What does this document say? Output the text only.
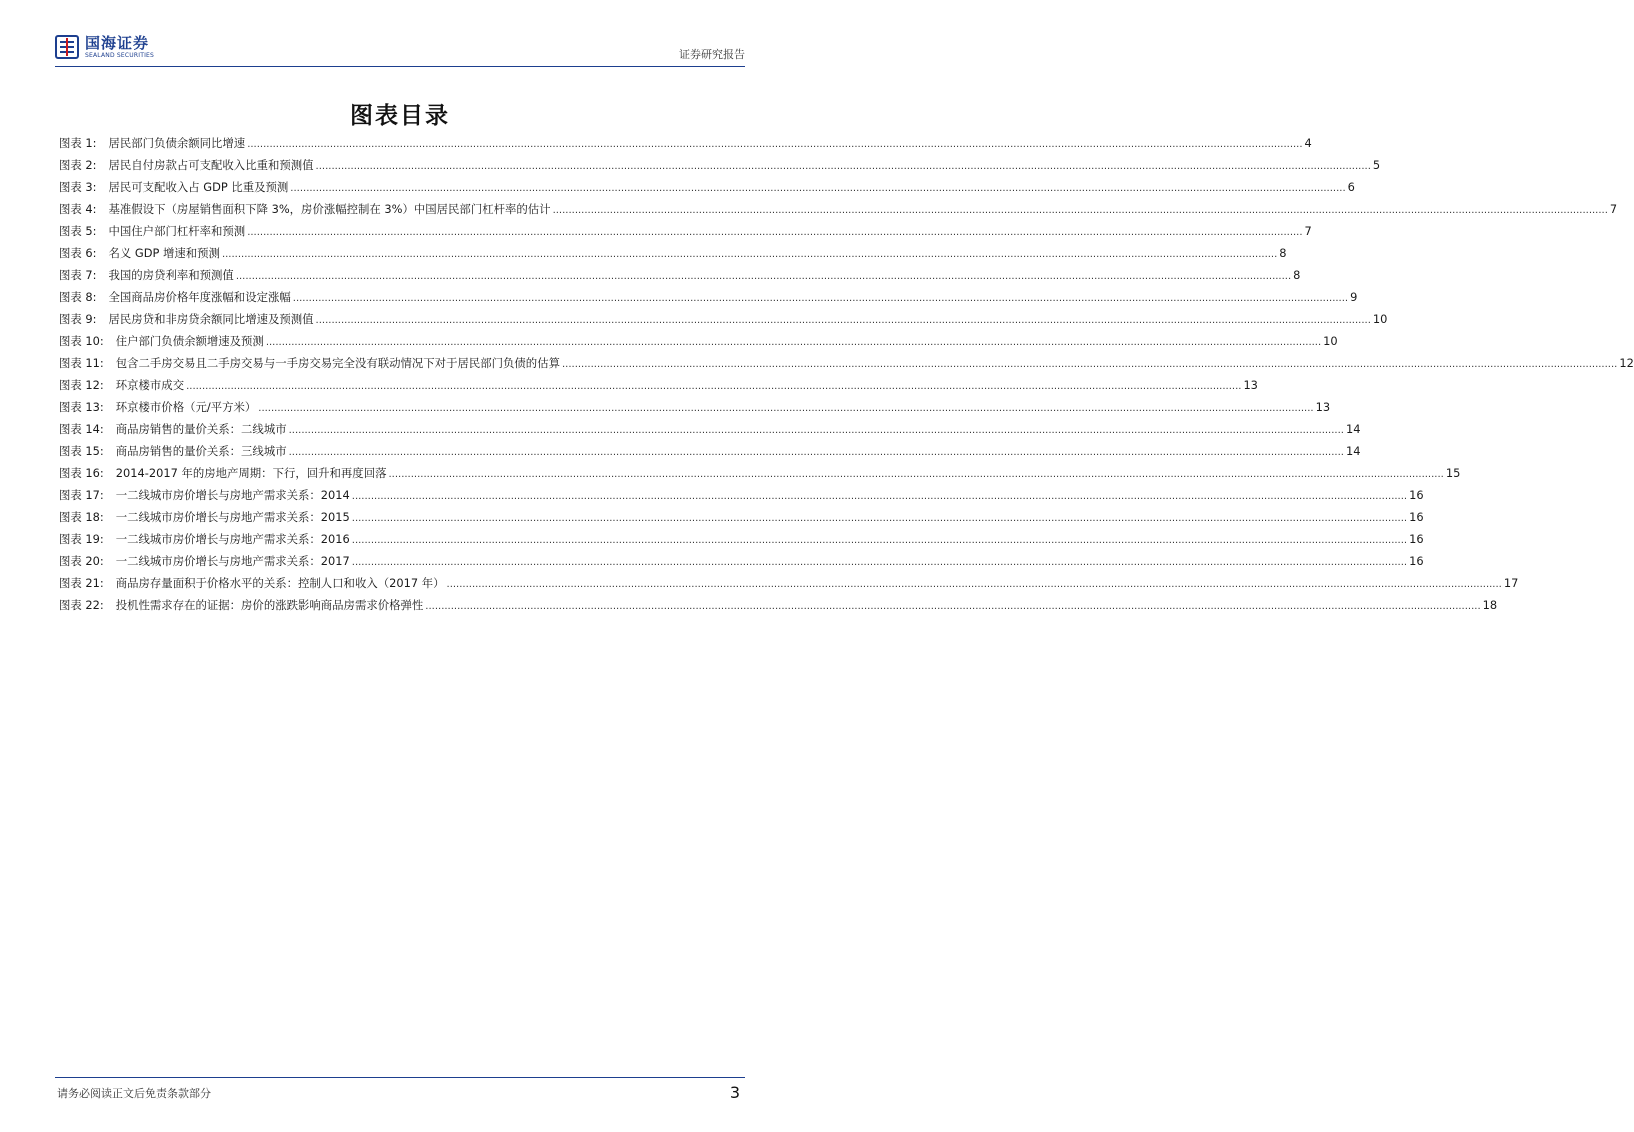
国海证券
SEALAND SECURITIES	证券研究报告
图表目录
图表 1: 居民部门负债余额同比增速 .....	4
图表 2: 居民自付房款占可支配收入比重和预测值 .....	5
图表 3: 居民可支配收入占 GDP 比重及预测 .....	6
图表 4: 基准假设下（房屋销售面积下降 3%，房价涨幅控制在 3%）中国居民部门杠杆率的估计 .....	7
图表 5: 中国住户部门杠杆率和预测 .....	7
图表 6: 名义 GDP 增速和预测 .....	8
图表 7: 我国的房贷利率和预测值 .....	8
图表 8: 全国商品房价格年度涨幅和设定涨幅 .....	9
图表 9: 居民房贷和非房贷余额同比增速及预测值 .....	10
图表 10: 住户部门负债余额增速及预测 .....	10
图表 11: 包含二手房交易且二手房交易与一手房交易完全没有联动情况下对于居民部门负债的估算 .....	12
图表 12: 环京楼市成交 .....	13
图表 13: 环京楼市价格（元/平方米） .....	13
图表 14: 商品房销售的量价关系：二线城市 .....	14
图表 15: 商品房销售的量价关系：三线城市 .....	14
图表 16: 2014-2017 年的房地产周期：下行，回升和再度回落 .....	15
图表 17: 一二线城市房价增长与房地产需求关系：2014 .....	16
图表 18: 一二线城市房价增长与房地产需求关系：2015 .....	16
图表 19: 一二线城市房价增长与房地产需求关系：2016 .....	16
图表 20: 一二线城市房价增长与房地产需求关系：2017 .....	16
图表 21: 商品房存量面积于价格水平的关系：控制人口和收入（2017 年） .....	17
图表 22: 投机性需求存在的证据：房价的涨跌影响商品房需求价格弹性 .....	18
请务必阅读正文后免责条款部分	3
